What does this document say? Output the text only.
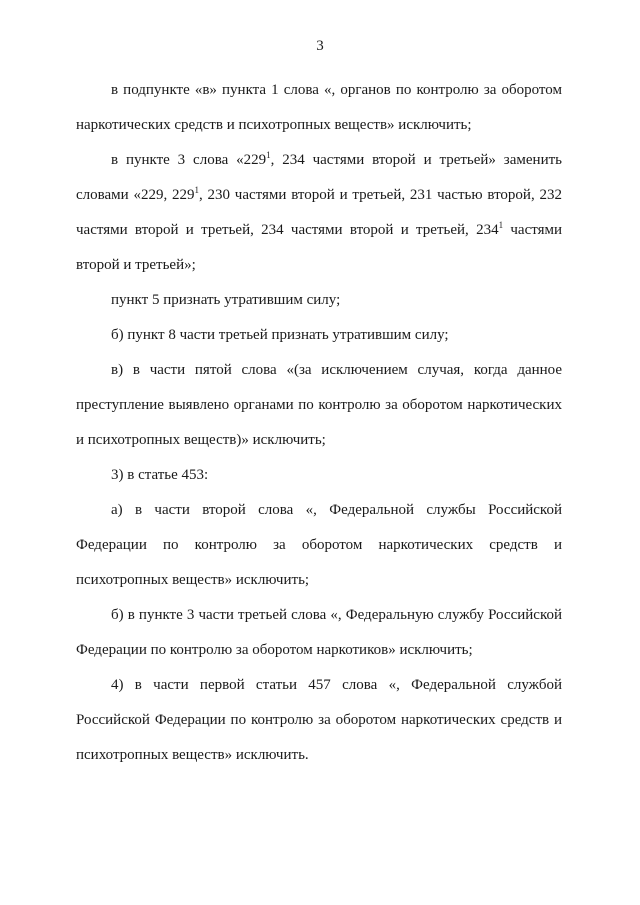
3

в подпункте «в» пункта 1 слова «, органов по контролю за оборотом наркотических средств и психотропных веществ» исключить;

в пункте 3 слова «$229^1$, 234 частями второй и третьей» заменить словами «229, $229^1$, 230 частями второй и третьей, 231 частью второй, 232 частями второй и третьей, 234 частями второй и третьей, $234^1$ частями второй и третьей»;

пункт 5 признать утратившим силу;

б) пункт 8 части третьей признать утратившим силу;

в) в части пятой слова «(за исключением случая, когда данное преступление выявлено органами по контролю за оборотом наркотических и психотропных веществ)» исключить;

3) в статье 453:

а) в части второй слова «, Федеральной службы Российской Федерации по контролю за оборотом наркотических средств и психотропных веществ» исключить;

б) в пункте 3 части третьей слова «, Федеральную службу Российской Федерации по контролю за оборотом наркотиков» исключить;

4) в части первой статьи 457 слова «, Федеральной службой Российской Федерации по контролю за оборотом наркотических средств и психотропных веществ» исключить.
